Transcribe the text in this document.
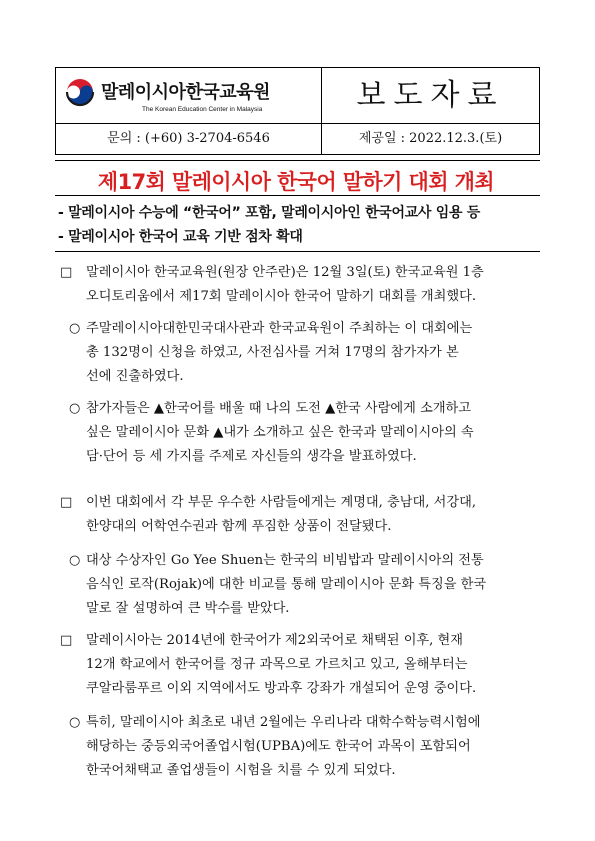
말레이시아한국교육원
The Korean Education Center in Malaysia	보도자료
문의 : (+60) 3-2704-6546	제공일 : 2022.12.3.(토)
제17회 말레이시아 한국어 말하기 대회 개최
- 말레이시아 수능에 “한국어” 포함, 말레이시아인 한국어교사 임용 등
- 말레이시아 한국어 교육 기반 점차 확대
□ 말레이시아 한국교육원(원장 안주란)은 12월 3일(토) 한국교육원 1층
오디토리움에서 제17회 말레이시아 한국어 말하기 대회를 개최했다.
○ 주말레이시아대한민국대사관과 한국교육원이 주최하는 이 대회에는
총 132명이 신청을 하였고, 사전심사를 거쳐 17명의 참가자가 본
선에 진출하였다.
○ 참가자들은 ▲한국어를 배울 때 나의 도전 ▲한국 사람에게 소개하고
싶은 말레이시아 문화 ▲내가 소개하고 싶은 한국과 말레이시아의 속
담·단어 등 세 가지를 주제로 자신들의 생각을 발표하였다.
□ 이번 대회에서 각 부문 우수한 사람들에게는 계명대, 충남대, 서강대,
한양대의 어학연수권과 함께 푸짐한 상품이 전달됐다.
○ 대상 수상자인 Go Yee Shuen는 한국의 비빔밥과 말레이시아의 전통
음식인 로작(Rojak)에 대한 비교를 통해 말레이시아 문화 특징을 한국
말로 잘 설명하여 큰 박수를 받았다.
□ 말레이시아는 2014년에 한국어가 제2외국어로 채택된 이후, 현재
12개 학교에서 한국어를 정규 과목으로 가르치고 있고, 올해부터는
쿠알라룸푸르 이외 지역에서도 방과후 강좌가 개설되어 운영 중이다.
○ 특히, 말레이시아 최초로 내년 2월에는 우리나라 대학수학능력시험에
해당하는 중등외국어졸업시험(UPBA)에도 한국어 과목이 포함되어
한국어채택교 졸업생들이 시험을 치를 수 있게 되었다.
